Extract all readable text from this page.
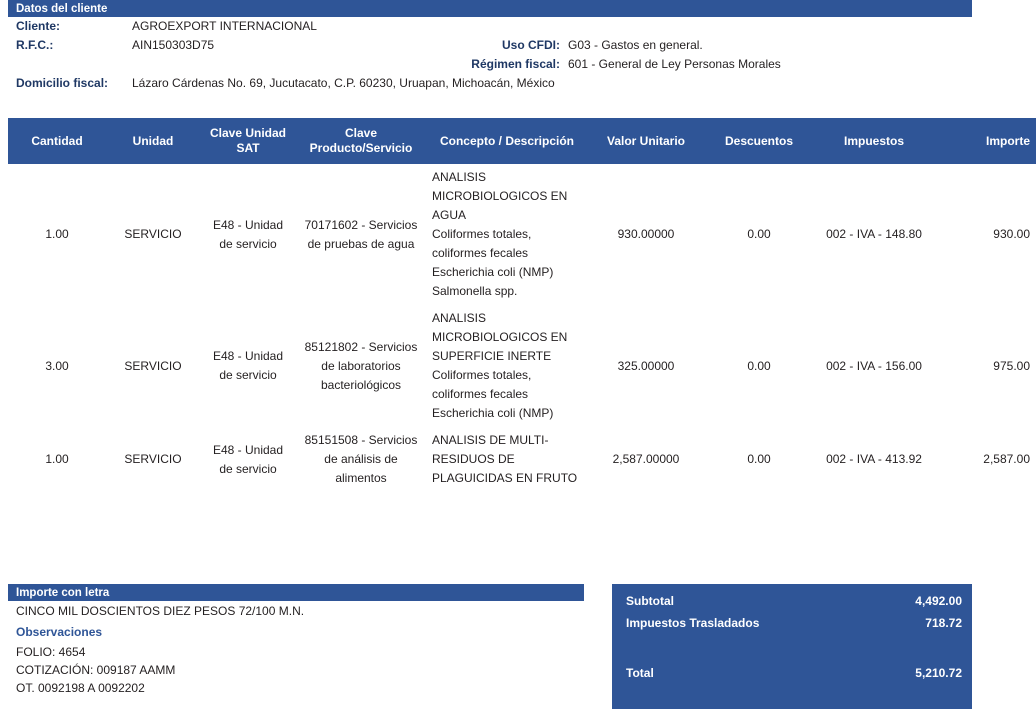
Datos del cliente
Cliente:	AGROEXPORT INTERNACIONAL
R.F.C.:	AIN150303D75	Uso CFDI: G03 - Gastos en general.
Régimen fiscal: 601 - General de Ley Personas Morales
Domicilio fiscal: Lázaro Cárdenas No. 69, Jucutacato, C.P. 60230, Uruapan, Michoacán, México
Cantidad	Unidad	Clave Unidad SAT	Clave Producto/Servicio	Concepto / Descripción	Valor Unitario	Descuentos	Impuestos	Importe
1.00	SERVICIO	E48 - Unidad de servicio	70171602 - Servicios de pruebas de agua	ANALISIS MICROBIOLOGICOS EN AGUA
Coliformes totales, coliformes fecales
Escherichia coli (NMP)
Salmonella spp.	930.00000	0.00	002 - IVA - 148.80	930.00
3.00	SERVICIO	E48 - Unidad de servicio	85121802 - Servicios de laboratorios bacteriológicos	ANALISIS MICROBIOLOGICOS EN SUPERFICIE INERTE
Coliformes totales, coliformes fecales
Escherichia coli (NMP)	325.00000	0.00	002 - IVA - 156.00	975.00
1.00	SERVICIO	E48 - Unidad de servicio	85151508 - Servicios de análisis de alimentos	ANALISIS DE MULTI-RESIDUOS DE PLAGUICIDAS EN FRUTO	2,587.00000	0.00	002 - IVA - 413.92	2,587.00
Importe con letra
CINCO MIL DOSCIENTOS DIEZ PESOS 72/100 M.N.
Observaciones
FOLIO: 4654
COTIZACIÓN: 009187 AAMM
OT. 0092198 A 0092202
Subtotal	4,492.00
Impuestos Trasladados	718.72
Total	5,210.72
